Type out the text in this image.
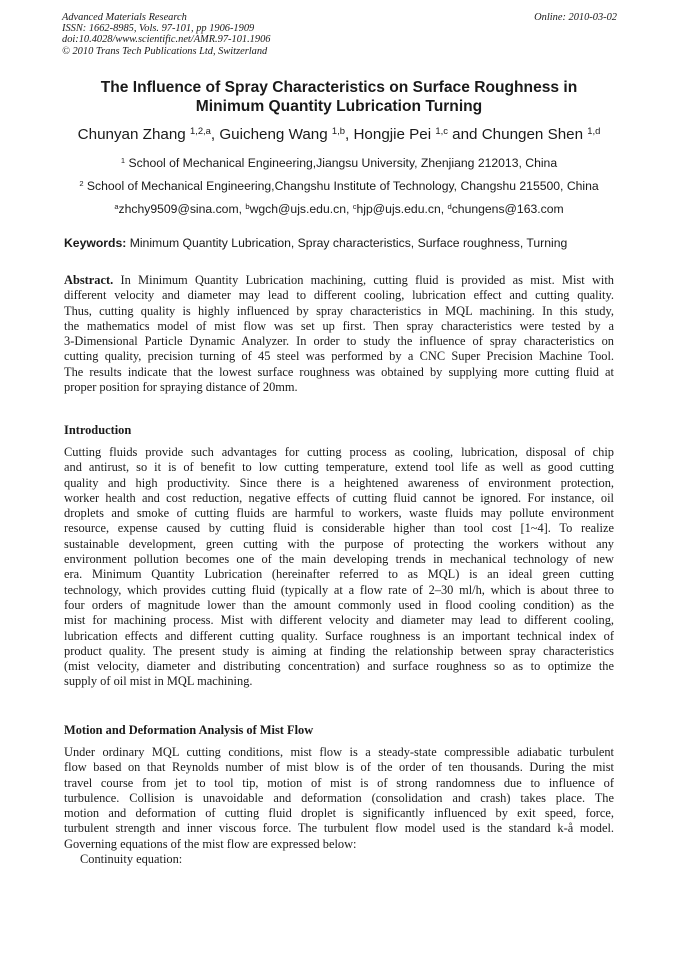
Advanced Materials Research
ISSN: 1662-8985, Vols. 97-101, pp 1906-1909
doi:10.4028/www.scientific.net/AMR.97-101.1906
© 2010 Trans Tech Publications Ltd, Switzerland
Online: 2010-03-02
The Influence of Spray Characteristics on Surface Roughness in
Minimum Quantity Lubrication Turning
Chunyan Zhang $^{1,2,a}$, Guicheng Wang $^{1,b}$, Hongjie Pei $^{1,c}$ and Chungen Shen $^{1,d}$
$^1$ School of Mechanical Engineering,Jiangsu University, Zhenjiang 212013, China
$^2$ School of Mechanical Engineering,Changshu Institute of Technology, Changshu 215500, China
$^a$zhchy9509@sina.com, $^b$wgch@ujs.edu.cn, $^c$hjp@ujs.edu.cn, $^d$chungens@163.com
Keywords: Minimum Quantity Lubrication, Spray characteristics, Surface roughness, Turning
Abstract. In Minimum Quantity Lubrication machining, cutting fluid is provided as mist. Mist with
different velocity and diameter may lead to different cooling, lubrication effect and cutting quality.
Thus, cutting quality is highly influenced by spray characteristics in MQL machining. In this study,
the mathematics model of mist flow was set up first. Then spray characteristics were tested by a
3-Dimensional Particle Dynamic Analyzer. In order to study the influence of spray characteristics on
cutting quality, precision turning of 45 steel was performed by a CNC Super Precision Machine Tool.
The results indicate that the lowest surface roughness was obtained by supplying more cutting fluid at
proper position for spraying distance of 20mm.
Introduction
Cutting fluids provide such advantages for cutting process as cooling, lubrication, disposal of chip
and antirust, so it is of benefit to low cutting temperature, extend tool life as well as good cutting
quality and high productivity. Since there is a heightened awareness of environment protection,
worker health and cost reduction, negative effects of cutting fluid cannot be ignored. For instance, oil
droplets and smoke of cutting fluids are harmful to workers, waste fluids may pollute environment
resource, expense caused by cutting fluid is considerable higher than tool cost [1~4]. To realize
sustainable development, green cutting with the purpose of protecting the workers without any
environment pollution becomes one of the main developing trends in mechanical technology of new
era. Minimum Quantity Lubrication (hereinafter referred to as MQL) is an ideal green cutting
technology, which provides cutting fluid (typically at a flow rate of 2–30 ml/h, which is about three to
four orders of magnitude lower than the amount commonly used in flood cooling condition) as the
mist for machining process. Mist with different velocity and diameter may lead to different cooling,
lubrication effects and different cutting quality. Surface roughness is an important technical index of
product quality. The present study is aiming at finding the relationship between spray characteristics
(mist velocity, diameter and distributing concentration) and surface roughness so as to optimize the
supply of oil mist in MQL machining.
Motion and Deformation Analysis of Mist Flow
Under ordinary MQL cutting conditions, mist flow is a steady-state compressible adiabatic turbulent
flow based on that Reynolds number of mist blow is of the order of ten thousands. During the mist
travel course from jet to tool tip, motion of mist is of strong randomness due to influence of
turbulence. Collision is unavoidable and deformation (consolidation and crash) takes place. The
motion and deformation of cutting fluid droplet is significantly influenced by exit speed, force,
turbulent strength and inner viscous force. The turbulent flow model used is the standard k-å model.
Governing equations of the mist flow are expressed below:
Continuity equation:
